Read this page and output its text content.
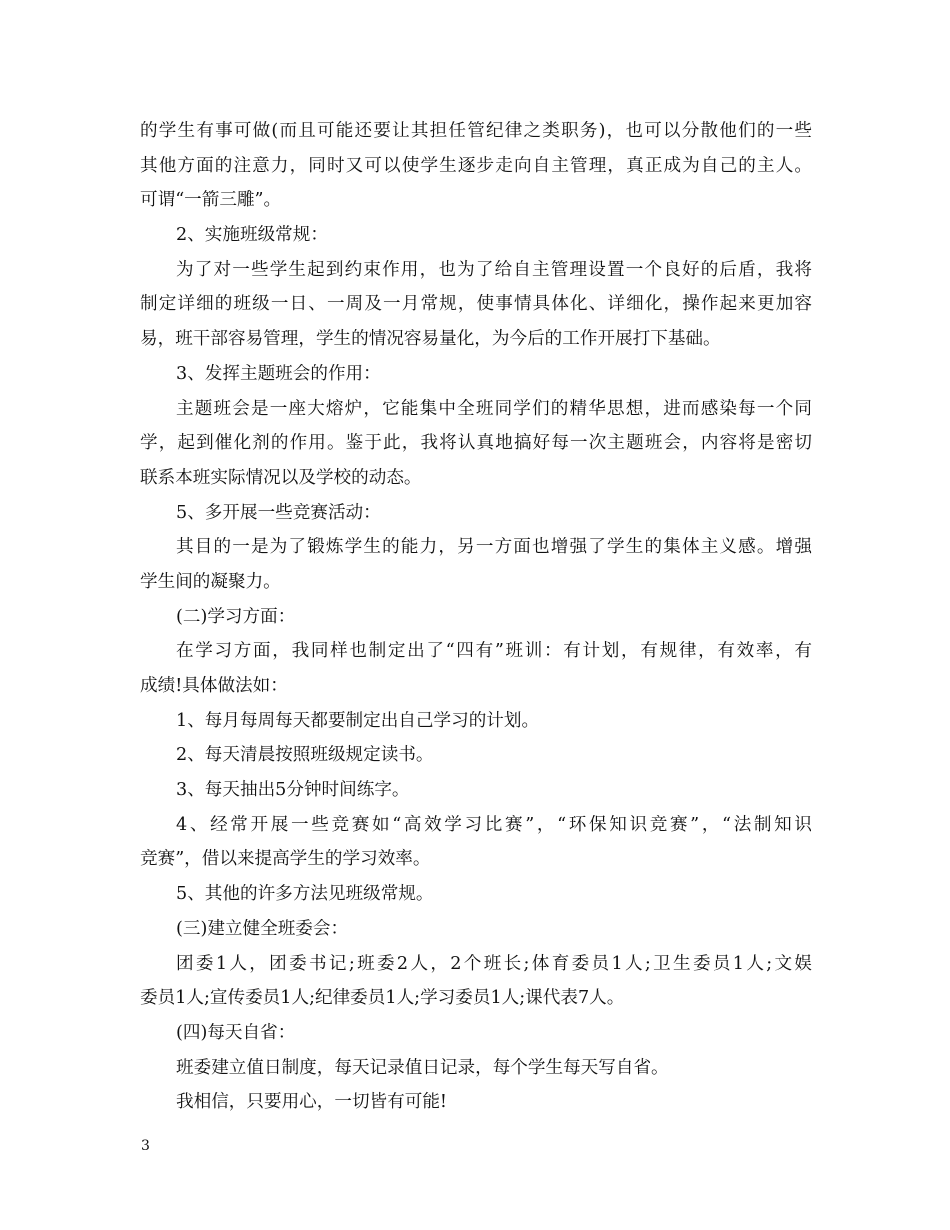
的学生有事可做(而且可能还要让其担任管纪律之类职务)，也可以分散他们的一些
其他方面的注意力，同时又可以使学生逐步走向自主管理，真正成为自己的主人。
可谓“一箭三雕”。
2、实施班级常规：
为了对一些学生起到约束作用，也为了给自主管理设置一个良好的后盾，我将
制定详细的班级一日、一周及一月常规，使事情具体化、详细化，操作起来更加容
易，班干部容易管理，学生的情况容易量化，为今后的工作开展打下基础。
3、发挥主题班会的作用：
主题班会是一座大熔炉，它能集中全班同学们的精华思想，进而感染每一个同
学，起到催化剂的作用。鉴于此，我将认真地搞好每一次主题班会，内容将是密切
联系本班实际情况以及学校的动态。
5、多开展一些竞赛活动：
其目的一是为了锻炼学生的能力，另一方面也增强了学生的集体主义感。增强
学生间的凝聚力。
(二)学习方面：
在学习方面，我同样也制定出了“四有”班训：有计划，有规律，有效率，有
成绩!具体做法如：
1、每月每周每天都要制定出自己学习的计划。
2、每天清晨按照班级规定读书。
3、每天抽出5分钟时间练字。
4、经常开展一些竞赛如“高效学习比赛”，“环保知识竞赛”，“法制知识
竞赛”，借以来提高学生的学习效率。
5、其他的许多方法见班级常规。
(三)建立健全班委会：
团委1人，团委书记;班委2人，2个班长;体育委员1人;卫生委员1人;文娱
委员1人;宣传委员1人;纪律委员1人;学习委员1人;课代表7人。
(四)每天自省：
班委建立值日制度，每天记录值日记录，每个学生每天写自省。
我相信，只要用心，一切皆有可能!
3
